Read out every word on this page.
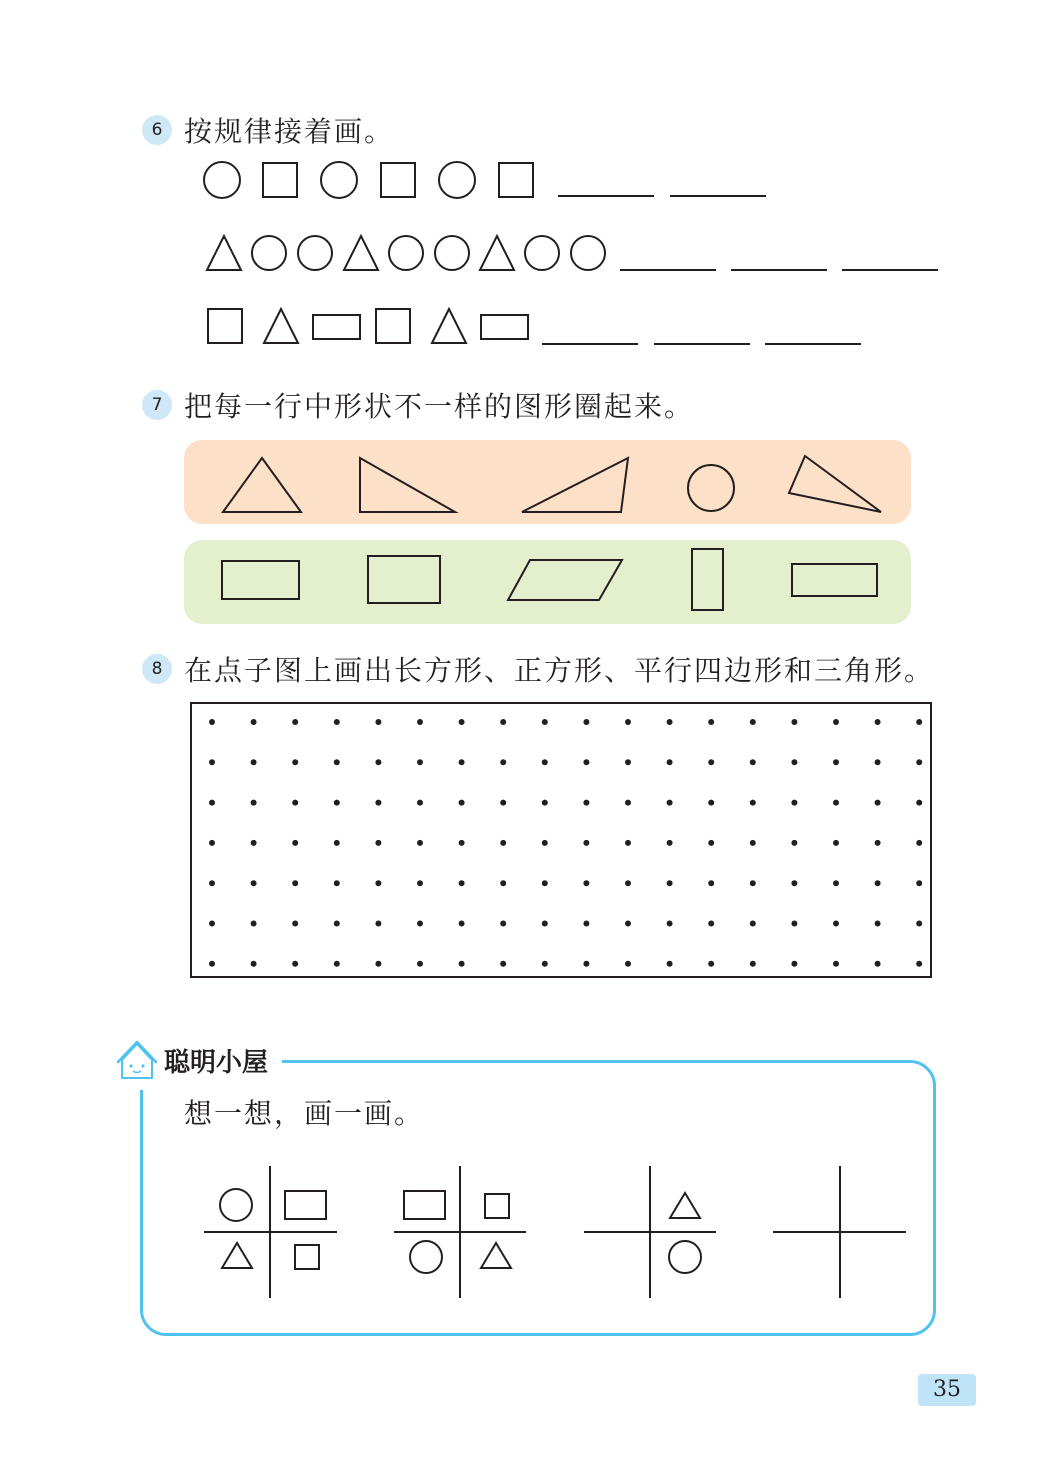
6 按规律接着画。
7 把每一行中形状不一样的图形圈起来。
8 在点子图上画出长方形、正方形、平行四边形和三角形。
聪明小屋
想一想，画一画。
35
